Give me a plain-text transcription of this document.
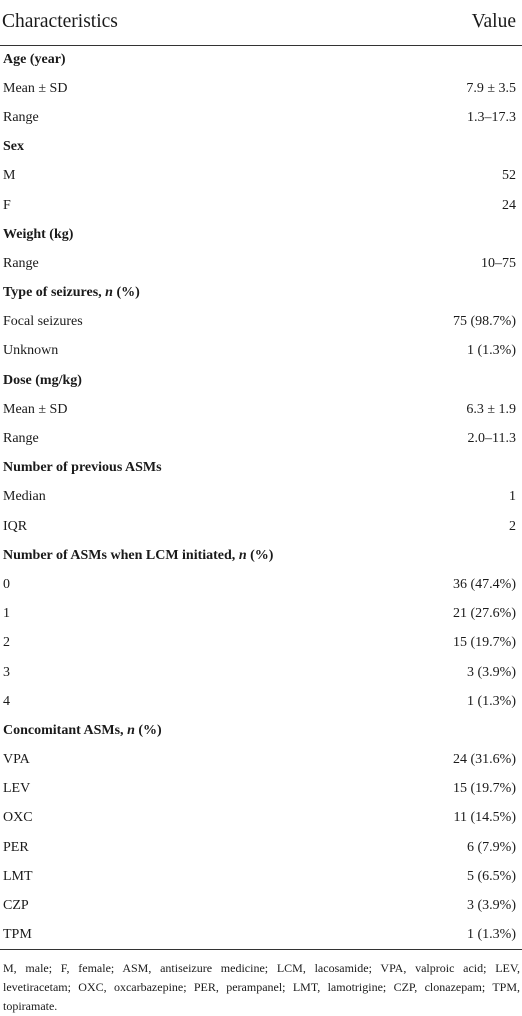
Characteristics	Value
Age (year)	
Mean ± SD	7.9 ± 3.5
Range	1.3–17.3
Sex	
M	52
F	24
Weight (kg)	
Range	10–75
Type of seizures, n (%)	
Focal seizures	75 (98.7%)
Unknown	1 (1.3%)
Dose (mg/kg)	
Mean ± SD	6.3 ± 1.9
Range	2.0–11.3
Number of previous ASMs	
Median	1
IQR	2
Number of ASMs when LCM initiated, n (%)	
0	36 (47.4%)
1	21 (27.6%)
2	15 (19.7%)
3	3 (3.9%)
4	1 (1.3%)
Concomitant ASMs, n (%)	
VPA	24 (31.6%)
LEV	15 (19.7%)
OXC	11 (14.5%)
PER	6 (7.9%)
LMT	5 (6.5%)
CZP	3 (3.9%)
TPM	1 (1.3%)
M, male; F, female; ASM, antiseizure medicine; LCM, lacosamide; VPA, valproic acid; LEV, levetiracetam; OXC, oxcarbazepine; PER, perampanel; LMT, lamotrigine; CZP, clonazepam; TPM, topiramate.
